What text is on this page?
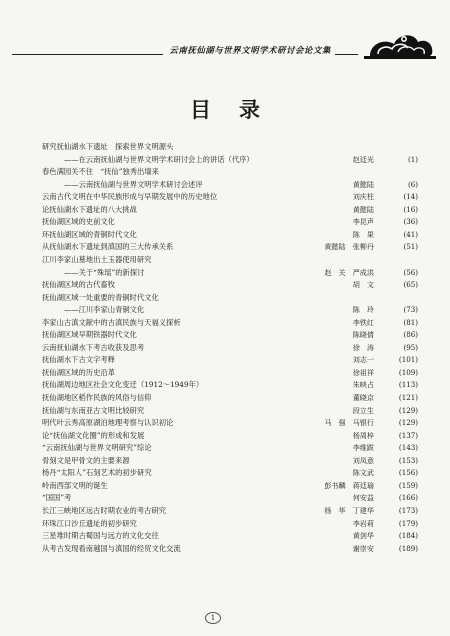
云南抚仙湖与世界文明学术研讨会论文集
目录
研究抚仙湖水下遗址　探索世界文明源头
——在云南抚仙湖与世界文明学术研讨会上的讲话（代序）	赵廷光	(1)
春色满园关不住　“抚仙”独秀出墙来
——云南抚仙湖与世界文明学术研讨会述评	黄懿陆	(6)
云南古代文明在中华民族形成与早期发展中的历史地位	刘庆柱	(14)
论抚仙湖水下遗址的八大挑战	黄懿陆	(16)
抚仙湖区域的史前文化	李昆声	(36)
环抚仙湖区域的青铜时代文化	陈　果	(41)
从抚仙湖水下遗址到滇国的三大传承关系	黄懿陆　张柳丹	(51)
江川李家山墓地出土玉器使用研究
——关于“殊瑶”的新探讨	赵　关　严成洪	(56)
抚仙湖区域的古代畜牧	胡　文	(65)
抚仙湖区域一处重要的青铜时代文化
——江川李家山青铜文化	陈　玲	(73)
李家山古滇文献中的古滇民族与天福义探析	李铁红	(81)
抚仙湖区域早期铁器时代文化	陈晓倩	(86)
云南抚仙湖水下考古收获及思考	徐　涛	(95)
抚仙湖水下古文字考释	刘志一	(101)
抚仙湖区域的历史沿革	徐祖祥	(109)
抚仙湖周边地区社会文化变迁（1912～1949年）	朱映占	(113)
抚仙湖地区稻作民族的风俗与信仰	董晓京	(121)
抚仙湖与东南亚古文明比较研究	段立生	(129)
明代叶云秀高原湖泊地理考察与认识初论	马　强　马银行	(129)
论“抚仙湖文化圈”的形成和发展	杨周梓	(137)
“云南抚仙湖与世界文明研究”综论	李维跋	(143)
骨刻文是甲骨文的主要来源	刘凤意	(153)
杨丹“太阳人”石刻艺术的初步研究	陈文武	(156)
岭南西部文明的诞生	彭书麟　蒋廷瑜	(159)
“国国”考	何安益	(166)
长江三峡地区远古时期农业的考古研究	杨　华　丁建华	(173)
环珠江口沙丘遗址的初步研究	李岩莉	(179)
三星堆时期古蜀国与远方的文化交往	黄剑华	(184)
从考古发现看南越国与滇国的经贸文化交流	谢崇安	(189)
1
